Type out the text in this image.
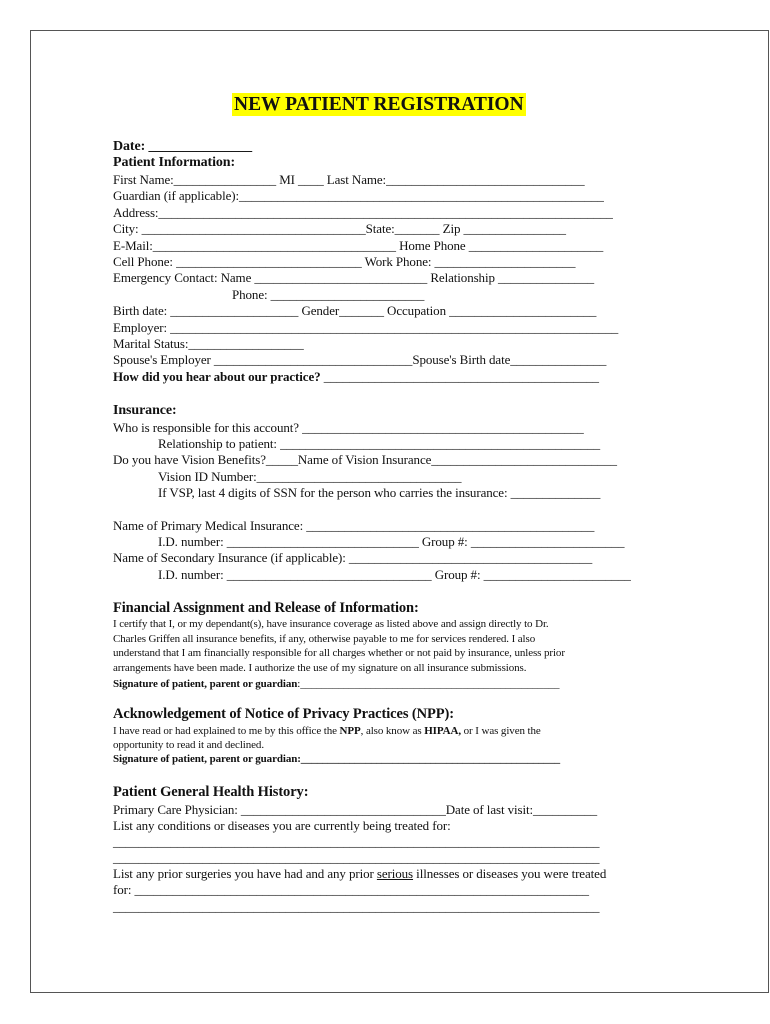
NEW PATIENT REGISTRATION
Date: _______________
Patient Information:
First Name:________________ MI ____ Last Name:_______________________________
Guardian (if applicable):_________________________________________________________
Address:_______________________________________________________________________
City: ___________________________________State:_______ Zip ________________
E-Mail:______________________________________ Home Phone _____________________
Cell Phone: _____________________________ Work Phone: ______________________
Emergency Contact: Name ___________________________ Relationship _______________
Phone: ________________________
Birth date: ____________________ Gender_______ Occupation _______________________
Employer: ______________________________________________________________________
Marital Status:__________________
Spouse's Employer _______________________________Spouse's Birth date_______________
How did you hear about our practice? ___________________________________________
Insurance:
Who is responsible for this account? ____________________________________________
Relationship to patient: __________________________________________________
Do you have Vision Benefits?_____Name of Vision Insurance_____________________________
Vision ID Number:________________________________
If VSP, last 4 digits of SSN for the person who carries the insurance: ______________
Name of Primary Medical Insurance: _____________________________________________
I.D. number: ______________________________ Group #: ________________________
Name of Secondary Insurance (if applicable): ______________________________________
I.D. number: ________________________________ Group #: _______________________
Financial Assignment and Release of Information:
I certify that I, or my dependant(s), have insurance coverage as listed above and assign directly to Dr.
Charles Griffen all insurance benefits, if any, otherwise payable to me for services rendered. I also
understand that I am financially responsible for all charges whether or not paid by insurance, unless prior
arrangements have been made. I authorize the use of my signature on all insurance submissions.
Signature of patient, parent or guardian:________________________________________________
Acknowledgement of Notice of Privacy Practices (NPP):
I have read or had explained to me by this office the NPP, also know as HIPAA, or I was given the
opportunity to read it and declined.
Signature of patient, parent or guardian:________________________________________________
Patient General Health History:
Primary Care Physician: ________________________________Date of last visit:__________
List any conditions or diseases you are currently being treated for:
____________________________________________________________________________
____________________________________________________________________________
List any prior surgeries you have had and any prior serious illnesses or diseases you were treated
for: _______________________________________________________________________
____________________________________________________________________________
